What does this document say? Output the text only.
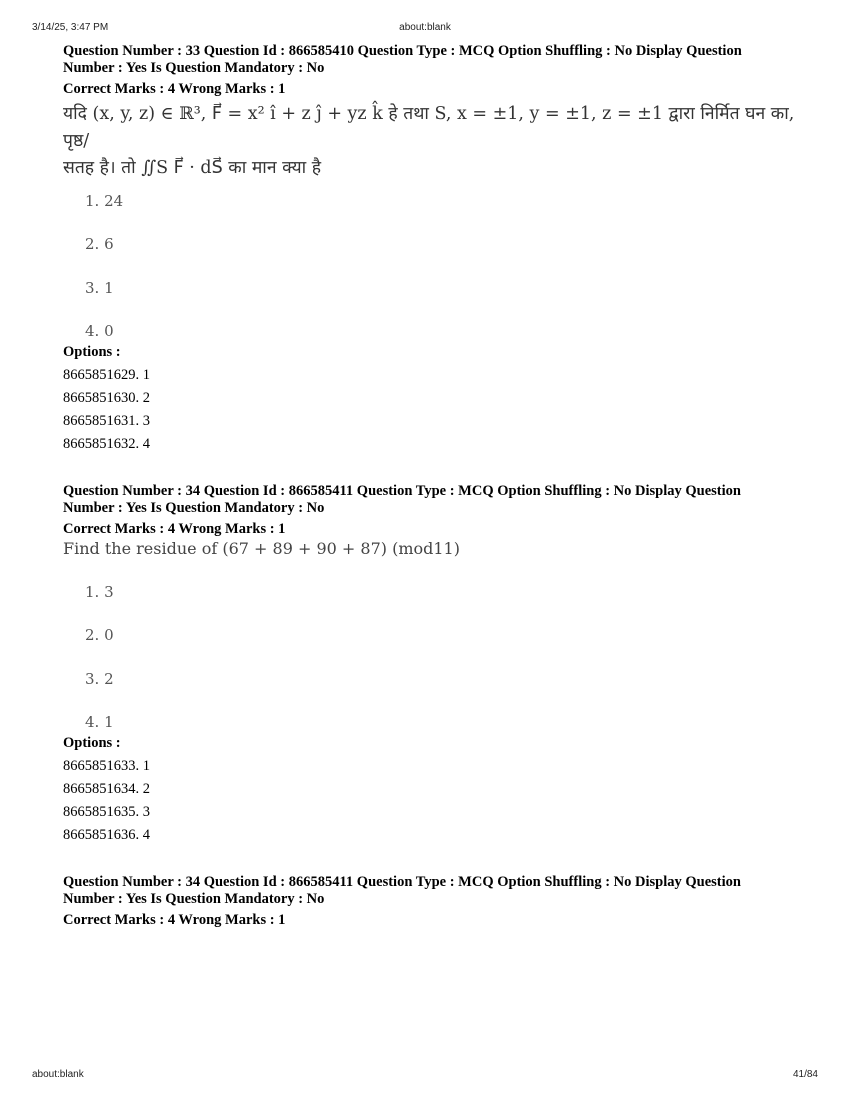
3/14/25, 3:47 PM	about:blank

Question Number : 33 Question Id : 866585410 Question Type : MCQ Option Shuffling : No Display Question

Number : Yes Is Question Mandatory : No

Correct Marks : 4 Wrong Marks : 1

यदि (x, y, z) ∈ ℝ³, F⃗ = x² î + z ĵ + yz k̂ हे तथा S, x = ±1, y = ±1, z = ±1 द्वारा निर्मित घन का, पृष्ठ/

सतह है। तो ∬S F⃗ · dS⃗ का मान क्या है

1. 24
2. 6
3. 1
4. 0
Options :
8665851629. 1
8665851630. 2
8665851631. 3
8665851632. 4

Question Number : 34 Question Id : 866585411 Question Type : MCQ Option Shuffling : No Display Question

Number : Yes Is Question Mandatory : No

Correct Marks : 4 Wrong Marks : 1

Find the residue of (67 + 89 + 90 + 87) (mod11)

1. 3
2. 0
3. 2
4. 1
Options :
8665851633. 1
8665851634. 2
8665851635. 3
8665851636. 4

Question Number : 34 Question Id : 866585411 Question Type : MCQ Option Shuffling : No Display Question

Number : Yes Is Question Mandatory : No

Correct Marks : 4 Wrong Marks : 1

about:blank	41/84
